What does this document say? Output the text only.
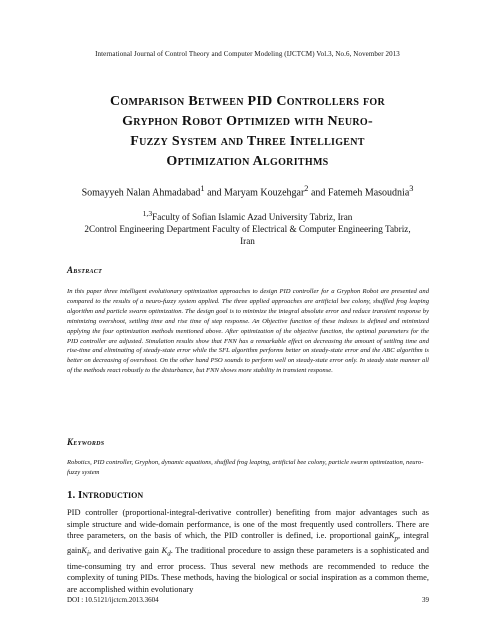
International Journal of Control Theory and Computer Modeling (IJCTCM) Vol.3, No.6, November 2013
Comparison Between PID Controllers for
Gryphon Robot Optimized with Neuro-
Fuzzy System and Three Intelligent
Optimization Algorithms
Somayyeh Nalan Ahmadabad$^1$ and Maryam Kouzehgar$^2$ and Fatemeh Masoudnia$^3$
$^{1,3}$Faculty of Sofian Islamic Azad University Tabriz, Iran
2Control Engineering Department Faculty of Electrical & Computer Engineering Tabriz,
Iran
Abstract
In this paper three intelligent evolutionary optimization approaches to design PID controller for a Gryphon Robot are presented and compared to the results of a neuro-fuzzy system applied. The three applied approaches are artificial bee colony, shuffled frog leaping algorithm and particle swarm optimization. The design goal is to minimize the integral absolute error and reduce transient response by minimizing overshoot, settling time and rise time of step response. An Objective function of these indexes is defined and minimized applying the four optimization methods mentioned above. After optimization of the objective function, the optimal parameters for the PID controller are adjusted. Simulation results show that FNN has a remarkable effect on decreasing the amount of settling time and rise-time and eliminating of steady-state error while the SFL algorithm performs better on steady-state error and the ABC algorithm is better on decreasing of overshoot. On the other hand PSO sounds to perform well on steady-state error only. In steady state manner all of the methods react robustly to the disturbance, but FNN shows more stability in transient response.
Keywords
Robotics, PID controller, Gryphon, dynamic equations, shuffled frog leaping, artificial bee colony, particle swarm optimization, neuro-fuzzy system
1. Introduction
PID controller (proportional-integral-derivative controller) benefiting from major advantages such as simple structure and wide-domain performance, is one of the most frequently used controllers. There are three parameters, on the basis of which, the PID controller is defined, i.e. proportional gainK$_p$, integral gainK$_i$, and derivative gain $K_d$. The traditional procedure to assign these parameters is a sophisticated and time-consuming try and error process. Thus several new methods are recommended to reduce the complexity of tuning PIDs. These methods, having the biological or social inspiration as a common theme, are accomplished within evolutionary
DOI : 10.5121/ijctcm.2013.3604	39
